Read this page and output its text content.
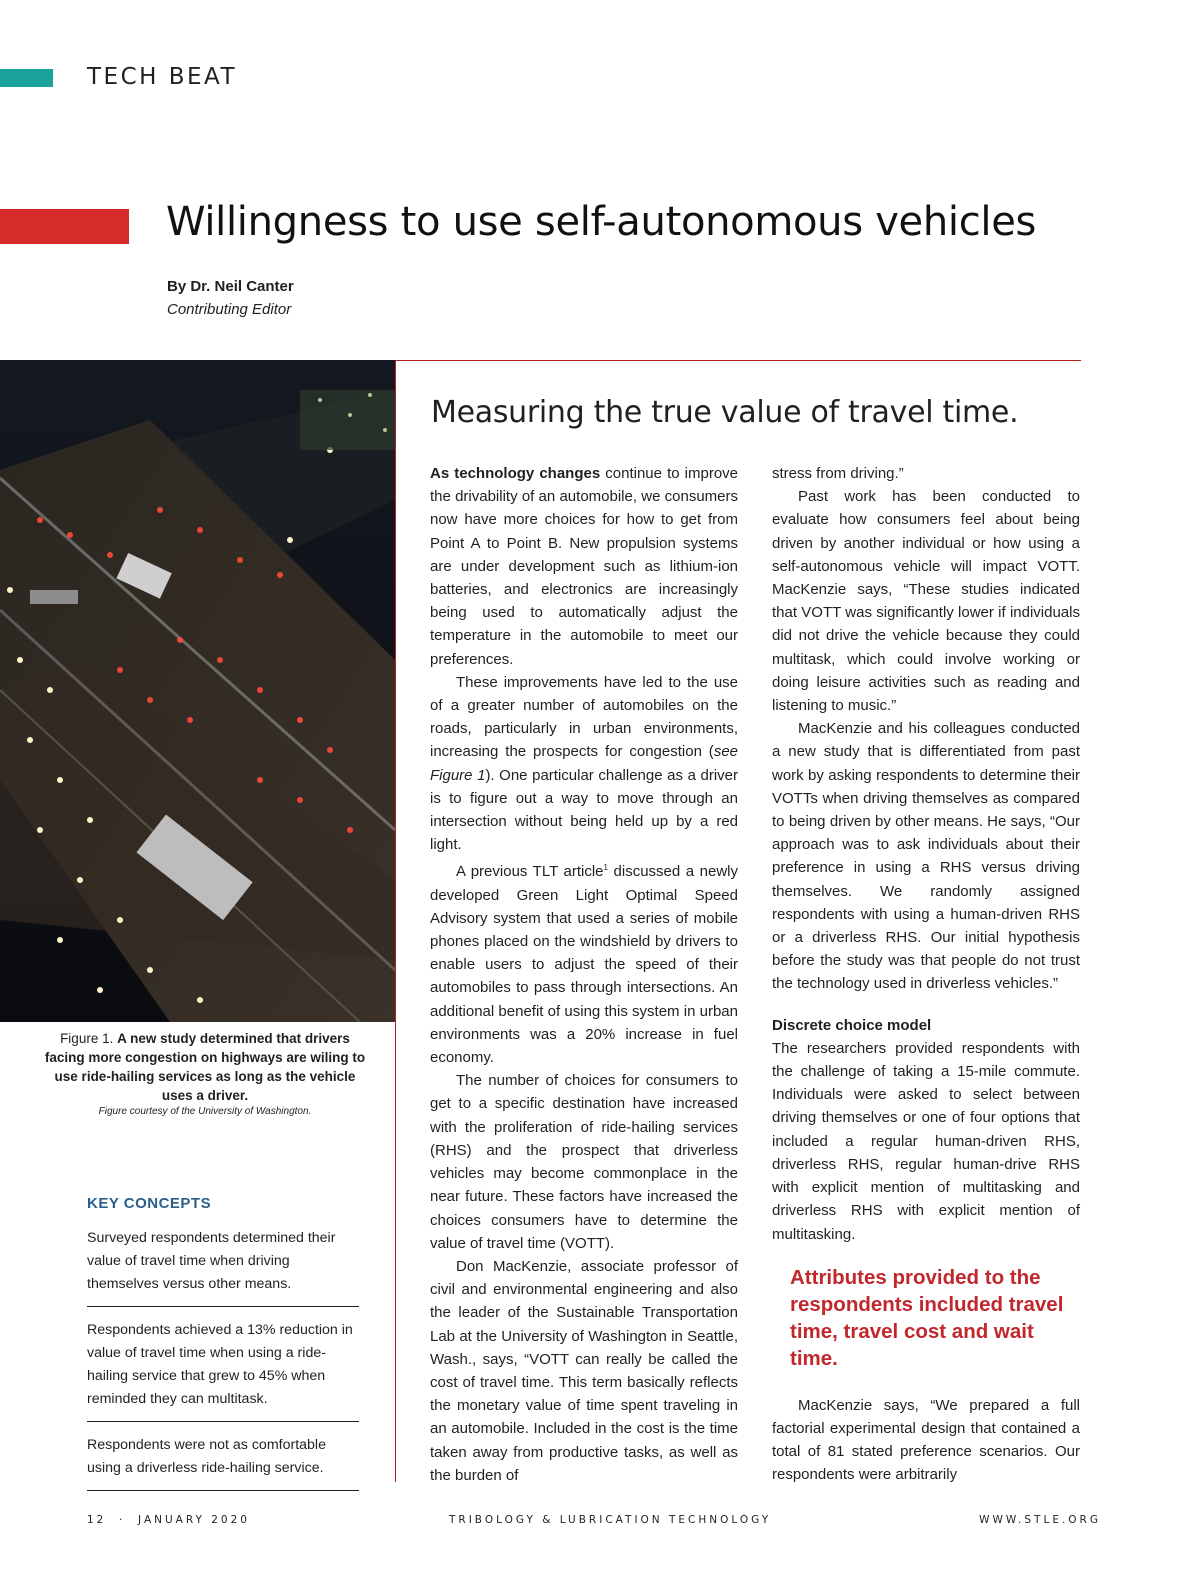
TECH BEAT
Willingness to use self-autonomous vehicles
By Dr. Neil Canter
Contributing Editor
Figure 1. A new study determined that drivers facing more congestion on highways are wiling to use ride-hailing services as long as the vehicle uses a driver.
Figure courtesy of the University of Washington.
KEY CONCEPTS
Surveyed respondents determined their value of travel time when driving themselves versus other means.
Respondents achieved a 13% reduction in value of travel time when using a ride-hailing service that grew to 45% when reminded they can multitask.
Respondents were not as comfortable using a driverless ride-hailing service.
Measuring the true value of travel time.

As technology changes continue to improve the drivability of an automobile, we consumers now have more choices for how to get from Point A to Point B. New propulsion systems are under development such as lithium-ion batteries, and electronics are increasingly being used to automatically adjust the temperature in the automobile to meet our preferences.

These improvements have led to the use of a greater number of automobiles on the roads, particularly in urban environments, increasing the prospects for congestion (see Figure 1). One particular challenge as a driver is to figure out a way to move through an intersection without being held up by a red light.

A previous TLT article$^1$ discussed a newly developed Green Light Optimal Speed Advisory system that used a series of mobile phones placed on the windshield by drivers to enable users to adjust the speed of their automobiles to pass through intersections. An additional benefit of using this system in urban environments was a 20% increase in fuel economy.

The number of choices for consumers to get to a specific destination have increased with the proliferation of ride-hailing services (RHS) and the prospect that driverless vehicles may become commonplace in the near future. These factors have increased the choices consumers have to determine the value of travel time (VOTT).

Don MacKenzie, associate professor of civil and environmental engineering and also the leader of the Sustainable Transportation Lab at the University of Washington in Seattle, Wash., says, “VOTT can really be called the cost of travel time. This term basically reflects the monetary value of time spent traveling in an automobile. Included in the cost is the time taken away from productive tasks, as well as the burden of

stress from driving.”

Past work has been conducted to evaluate how consumers feel about being driven by another individual or how using a self-autonomous vehicle will impact VOTT. MacKenzie says, “These studies indicated that VOTT was significantly lower if individuals did not drive the vehicle because they could multitask, which could involve working or doing leisure activities such as reading and listening to music.”

MacKenzie and his colleagues conducted a new study that is differentiated from past work by asking respondents to determine their VOTTs when driving themselves as compared to being driven by other means. He says, “Our approach was to ask individuals about their preference in using a RHS versus driving themselves. We randomly assigned respondents with using a human-driven RHS or a driverless RHS. Our initial hypothesis before the study was that people do not trust the technology used in driverless vehicles.”

Discrete choice model

The researchers provided respondents with the challenge of taking a 15-mile commute. Individuals were asked to select between driving themselves or one of four options that included a regular human-driven RHS, driverless RHS, regular human-drive RHS with explicit mention of multitasking and driverless RHS with explicit mention of multitasking.

Attributes provided to the respondents included travel time, travel cost and wait time.

MacKenzie says, “We prepared a full factorial experimental design that contained a total of 81 stated preference scenarios. Our respondents were arbitrarily

12  ·  JANUARY 2020	TRIBOLOGY & LUBRICATION TECHNOLOGY	WWW.STLE.ORG
